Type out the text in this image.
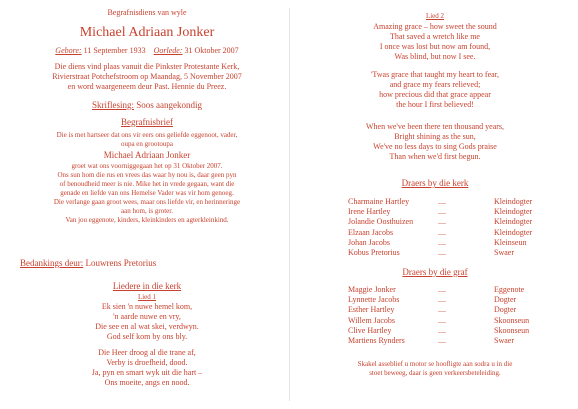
Begrafnisdiens van wyle
Michael Adriaan Jonker
Gebore: 11 September 1933 Oorlede: 31 Oktober 2007
Die diens vind plaas vanuit die Pinkster Protestante Kerk,
Rivierstraat Potchefstroom op Maandag, 5 November 2007
en word waargeneem deur Past. Hennie du Preez.
Skriflesing: Soos aangekondig
Begrafnisbrief
Die is met hartseer dat ons vir eers ons geliefde eggenoot, vader,
oupa en grootoupa
Michael Adriaan Jonker
groet wat ons voorniggegaan het op 31 Oktober 2007.
Ons sun hom die rus en vrees das waar hy nou is, daar geen pyn
of benoudheid meer is nie. Mike het in vrede gegaan, want die
genade en liefde van ons Hemelse Vader was vir hom genoeg.
Die verlange gaan groot wees, maar ons liefde vir, en herinneringe
aan hom, is groter.
Van jou eggenote, kinders, kleinkinders en agterkleinkind.
Bedankings deur: Louwrens Pretorius
Liedere in die kerk
Lied 1
Ek sien 'n nuwe hemel kom,
'n aarde nuwe en vry,
Die see en al wat skei, verdwyn.
God self kom by ons bly.
Die Heer droog al die trane af,
Verby is droefheid, dood.
Ja, pyn en smart wyk uit die hart –
Ons moeite, angs en nood.
Lied 2
Amazing grace – how sweet the sound
That saved a wretch like me
I once was lost but now am found,
Was blind, but now I see.
'Twas grace that taught my heart to fear,
and grace my fears relieved;
how precious did that grace appear
the hour I first believed!
When we've been there ten thousand years,
Bright shining as the sun,
We've no less days to sing Gods praise
Than when we'd first begun.
Draers by die kerk
Charmaine Hartley	....	Kleindogter
Irene Hartley	....	Kleindogter
Jolandie Oosthuizen	....	Kleindogter
Elzaan Jacobs	....	Kleindogter
Johan Jacobs	....	Kleinseun
Kobus Pretorius	....	Swaer
Draers by die graf
Maggie Jonker	....	Eggenote
Lynnette Jacobs	....	Dogter
Esther Hartley	....	Dogter
Willem Jacobs	....	Skoonseun
Clive Hartley	....	Skoonseun
Martiens Rynders	....	Swaer
Skakel asseblief u motor se hoofligte aan sodra u in die
stoet beweeg, daar is geen verkeersbeteleiding.
